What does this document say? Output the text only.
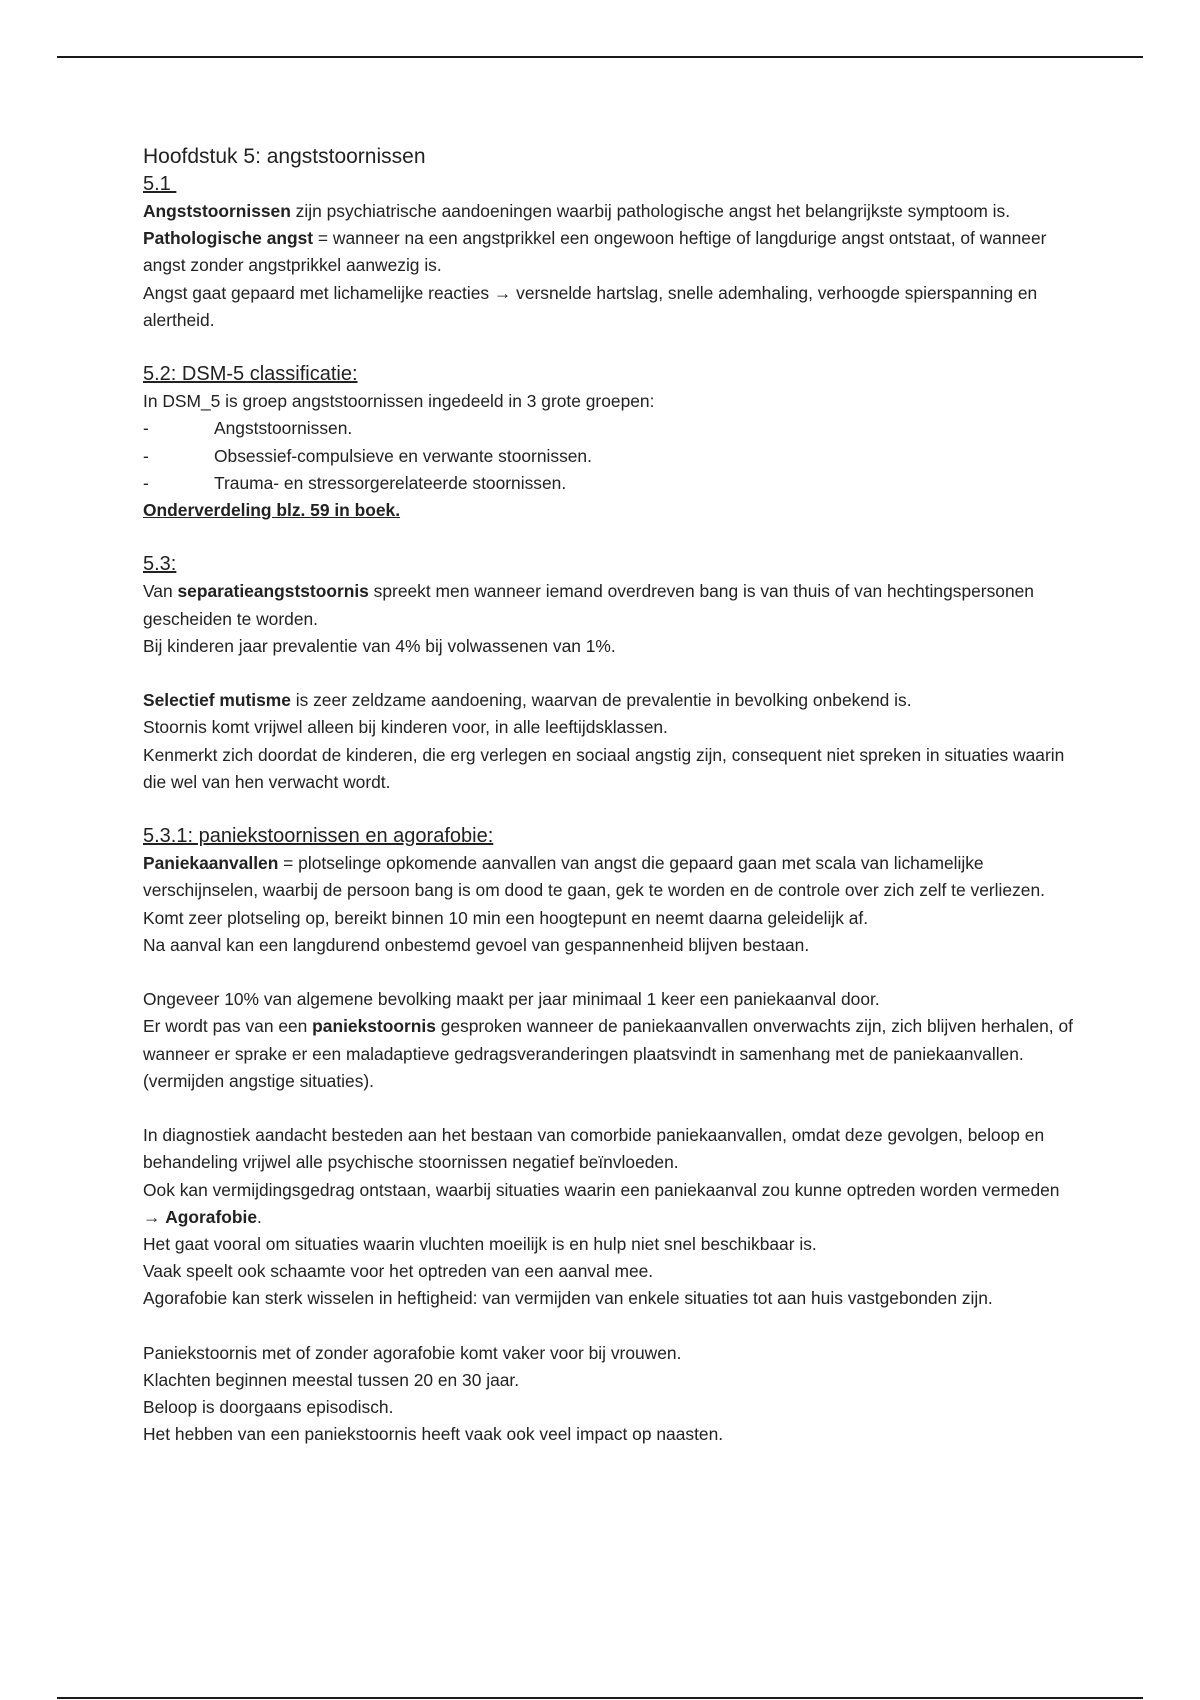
Hoofdstuk 5: angststoornissen

5.1

Angststoornissen zijn psychiatrische aandoeningen waarbij pathologische angst het belangrijkste symptoom is.

Pathologische angst = wanneer na een angstprikkel een ongewoon heftige of langdurige angst ontstaat, of wanneer angst zonder angstprikkel aanwezig is.

Angst gaat gepaard met lichamelijke reacties → versnelde hartslag, snelle ademhaling, verhoogde spierspanning en alertheid.

5.2: DSM-5 classificatie:

In DSM_5 is groep angststoornissen ingedeeld in 3 grote groepen:

-	Angststoornissen.
-	Obsessief-compulsieve en verwante stoornissen.
-	Trauma- en stressorgerelateerde stoornissen.

Onderverdeling blz. 59 in boek.

5.3:

Van separatieangststoornis spreekt men wanneer iemand overdreven bang is van thuis of van hechtingspersonen gescheiden te worden.

Bij kinderen jaar prevalentie van 4% bij volwassenen van 1%.

Selectief mutisme is zeer zeldzame aandoening, waarvan de prevalentie in bevolking onbekend is.

Stoornis komt vrijwel alleen bij kinderen voor, in alle leeftijdsklassen.

Kenmerkt zich doordat de kinderen, die erg verlegen en sociaal angstig zijn, consequent niet spreken in situaties waarin die wel van hen verwacht wordt.

5.3.1: paniekstoornissen en agorafobie:

Paniekaanvallen = plotselinge opkomende aanvallen van angst die gepaard gaan met scala van lichamelijke verschijnselen, waarbij de persoon bang is om dood te gaan, gek te worden en de controle over zich zelf te verliezen.

Komt zeer plotseling op, bereikt binnen 10 min een hoogtepunt en neemt daarna geleidelijk af.

Na aanval kan een langdurend onbestemd gevoel van gespannenheid blijven bestaan.

Ongeveer 10% van algemene bevolking maakt per jaar minimaal 1 keer een paniekaanval door.

Er wordt pas van een paniekstoornis gesproken wanneer de paniekaanvallen onverwachts zijn, zich blijven herhalen, of wanneer er sprake er een maladaptieve gedragsveranderingen plaatsvindt in samenhang met de paniekaanvallen. (vermijden angstige situaties).

In diagnostiek aandacht besteden aan het bestaan van comorbide paniekaanvallen, omdat deze gevolgen, beloop en behandeling vrijwel alle psychische stoornissen negatief beïnvloeden.

Ook kan vermijdingsgedrag ontstaan, waarbij situaties waarin een paniekaanval zou kunne optreden worden vermeden → Agorafobie.

Het gaat vooral om situaties waarin vluchten moeilijk is en hulp niet snel beschikbaar is.

Vaak speelt ook schaamte voor het optreden van een aanval mee.

Agorafobie kan sterk wisselen in heftigheid: van vermijden van enkele situaties tot aan huis vastgebonden zijn.

Paniekstoornis met of zonder agorafobie komt vaker voor bij vrouwen.

Klachten beginnen meestal tussen 20 en 30 jaar.

Beloop is doorgaans episodisch.

Het hebben van een paniekstoornis heeft vaak ook veel impact op naasten.
